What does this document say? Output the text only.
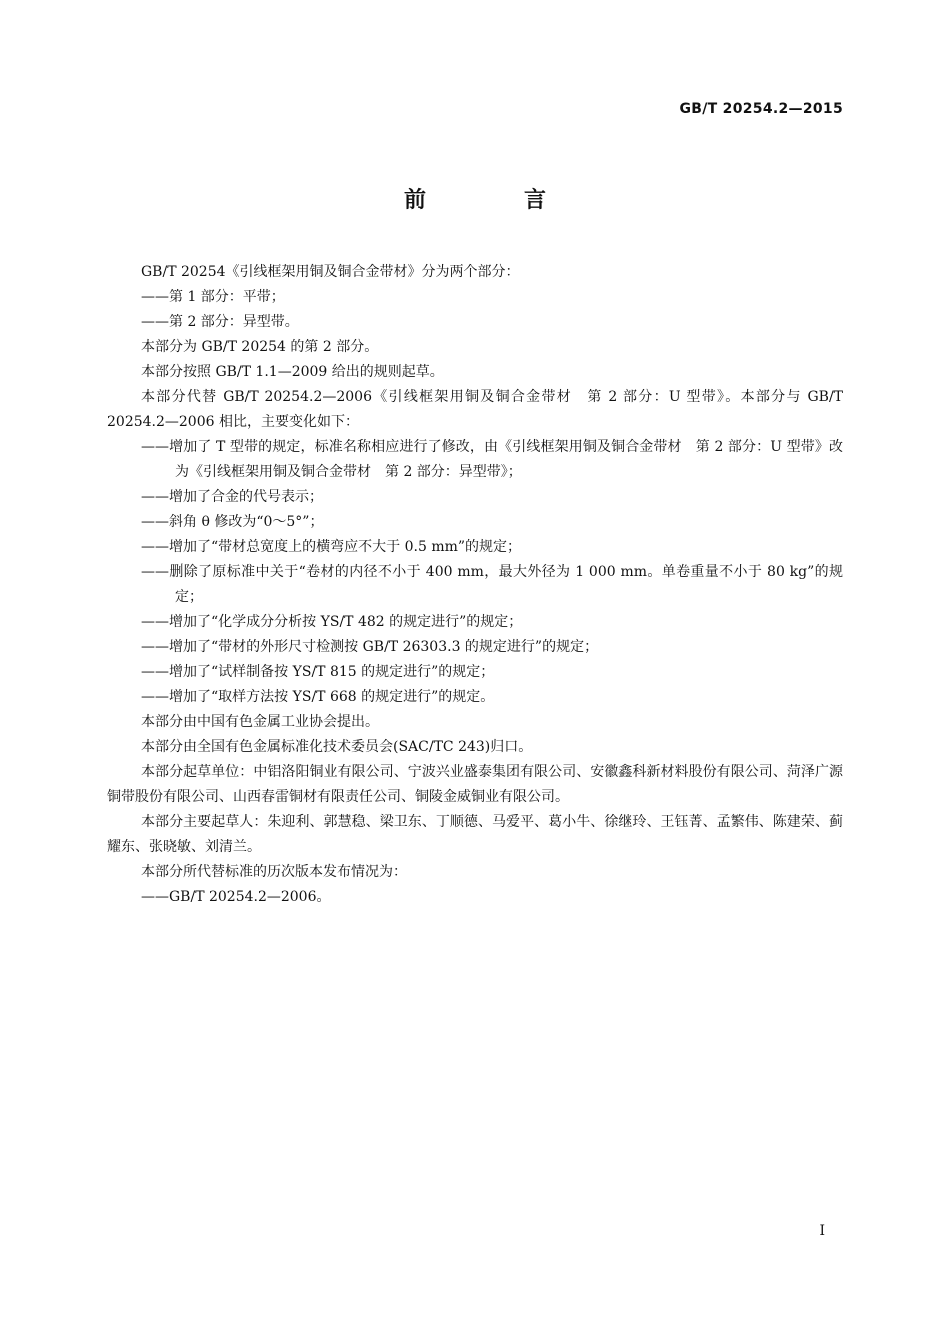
GB/T 20254.2—2015
前　言

GB/T 20254《引线框架用铜及铜合金带材》分为两个部分：

——第 1 部分：平带；

——第 2 部分：异型带。

本部分为 GB/T 20254 的第 2 部分。

本部分按照 GB/T 1.1—2009 给出的规则起草。

本部分代替 GB/T 20254.2—2006《引线框架用铜及铜合金带材　第 2 部分：U 型带》。本部分与 GB/T 20254.2—2006 相比，主要变化如下：

——增加了 T 型带的规定，标准名称相应进行了修改，由《引线框架用铜及铜合金带材　第 2 部分：U 型带》改为《引线框架用铜及铜合金带材　第 2 部分：异型带》；

——增加了合金的代号表示；

——斜角 θ 修改为“0～5°”；

——增加了“带材总宽度上的横弯应不大于 0.5 mm”的规定；

——删除了原标准中关于“卷材的内径不小于 400 mm，最大外径为 1 000 mm。单卷重量不小于 80 kg”的规定；

——增加了“化学成分分析按 YS/T 482 的规定进行”的规定；

——增加了“带材的外形尺寸检测按 GB/T 26303.3 的规定进行”的规定；

——增加了“试样制备按 YS/T 815 的规定进行”的规定；

——增加了“取样方法按 YS/T 668 的规定进行”的规定。

本部分由中国有色金属工业协会提出。

本部分由全国有色金属标准化技术委员会(SAC/TC 243)归口。

本部分起草单位：中铝洛阳铜业有限公司、宁波兴业盛泰集团有限公司、安徽鑫科新材料股份有限公司、菏泽广源铜带股份有限公司、山西春雷铜材有限责任公司、铜陵金威铜业有限公司。

本部分主要起草人：朱迎利、郭慧稳、梁卫东、丁顺德、马爱平、葛小牛、徐继玲、王钰菁、孟繁伟、陈建荣、蓟耀东、张晓敏、刘清兰。

本部分所代替标准的历次版本发布情况为：

——GB/T 20254.2—2006。

I
